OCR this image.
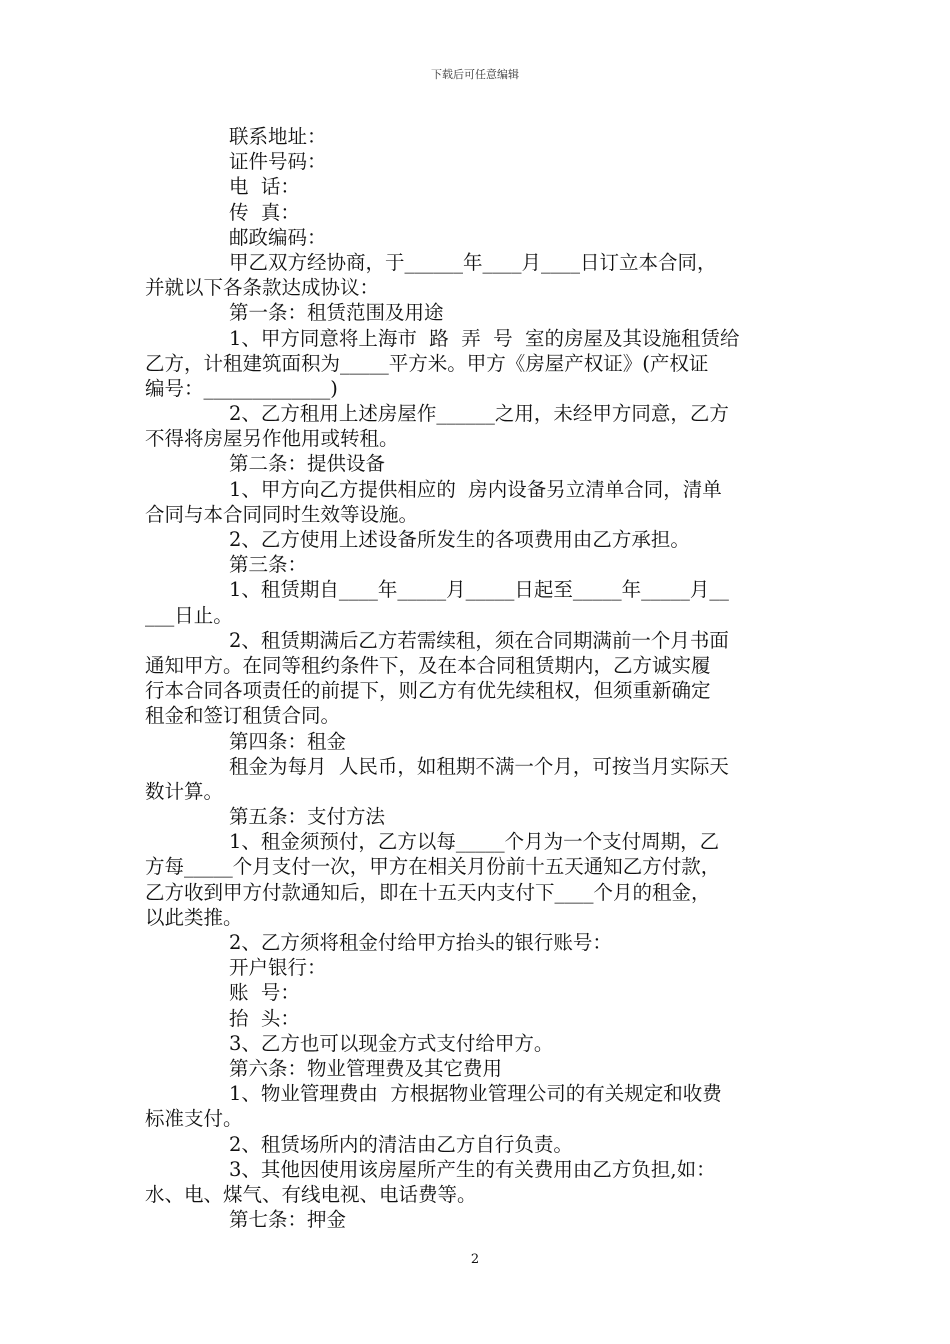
下载后可任意编辑
联系地址：
证件号码：
电  话：
传  真：
邮政编码：
甲乙双方经协商，于______年____月____日订立本合同，
并就以下各条款达成协议：
第一条：租赁范围及用途
1、甲方同意将上海市  路  弄  号  室的房屋及其设施租赁给
乙方，计租建筑面积为_____平方米。甲方《房屋产权证》(产权证
编号：_____________)
2、乙方租用上述房屋作______之用，未经甲方同意，乙方
不得将房屋另作他用或转租。
第二条：提供设备
1、甲方向乙方提供相应的  房内设备另立清单合同，清单
合同与本合同同时生效等设施。
2、乙方使用上述设备所发生的各项费用由乙方承担。
第三条：
1、租赁期自____年_____月_____日起至_____年_____月__
___日止。
2、租赁期满后乙方若需续租，须在合同期满前一个月书面
通知甲方。在同等租约条件下，及在本合同租赁期内，乙方诚实履
行本合同各项责任的前提下，则乙方有优先续租权，但须重新确定
租金和签订租赁合同。
第四条：租金
租金为每月  人民币，如租期不满一个月，可按当月实际天
数计算。
第五条：支付方法
1、租金须预付，乙方以每_____个月为一个支付周期，乙
方每_____个月支付一次，甲方在相关月份前十五天通知乙方付款，
乙方收到甲方付款通知后，即在十五天内支付下____个月的租金，
以此类推。
2、乙方须将租金付给甲方抬头的银行账号：
开户银行：
账  号：
抬  头：
3、乙方也可以现金方式支付给甲方。
第六条：物业管理费及其它费用
1、物业管理费由  方根据物业管理公司的有关规定和收费
标准支付。
2、租赁场所内的清洁由乙方自行负责。
3、其他因使用该房屋所产生的有关费用由乙方负担,如：
水、电、煤气、有线电视、电话费等。
第七条：押金
2
